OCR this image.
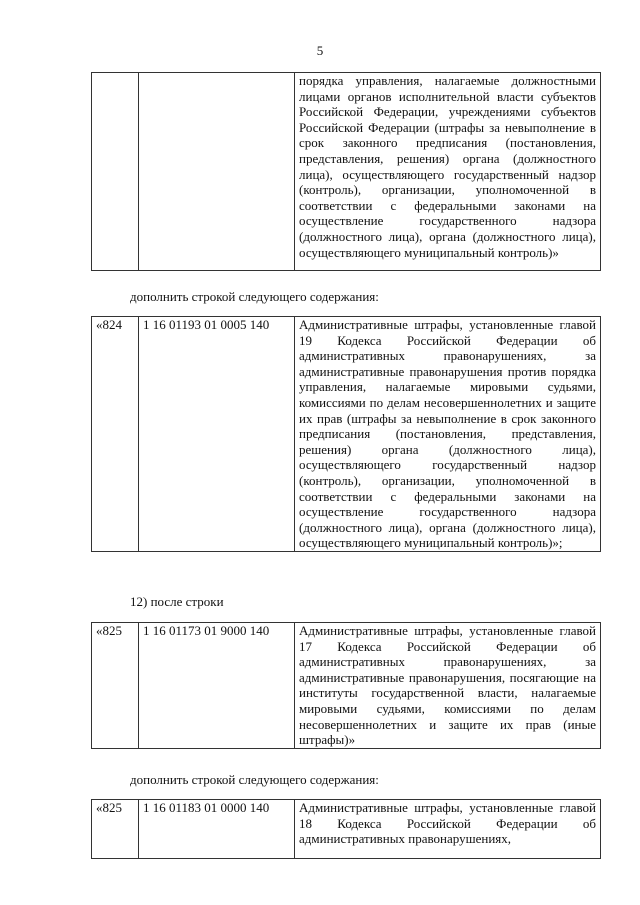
5
		порядка управления, налагаемые должностными лицами органов исполнительной власти субъектов Российской Федерации, учреждениями субъектов Российской Федерации (штрафы за невыполнение в срок законного предписания (постановления, представления, решения) органа (должностного лица), осуществляющего государственный надзор (контроль), организации, уполномоченной в соответствии с федеральными законами на осуществление государственного надзора (должностного лица), органа (должностного лица), осуществляющего муниципальный контроль)»
дополнить строкой следующего содержания:
«824	1 16 01193 01 0005 140	Административные штрафы, установленные главой 19 Кодекса Российской Федерации об административных правонарушениях, за административные правонарушения против порядка управления, налагаемые мировыми судьями, комиссиями по делам несовершеннолетних и защите их прав (штрафы за невыполнение в срок законного предписания (постановления, представления, решения) органа (должностного лица), осуществляющего государственный надзор (контроль), организации, уполномоченной в соответствии с федеральными законами на осуществление государственного надзора (должностного лица), органа (должностного лица), осуществляющего муниципальный контроль)»;
12) после строки
«825	1 16 01173 01 9000 140	Административные штрафы, установленные главой 17 Кодекса Российской Федерации об административных правонарушениях, за административные правонарушения, посягающие на институты государственной власти, налагаемые мировыми судьями, комиссиями по делам несовершеннолетних и защите их прав (иные штрафы)»
дополнить строкой следующего содержания:
«825	1 16 01183 01 0000 140	Административные штрафы, установленные главой 18 Кодекса Российской Федерации об административных правонарушениях,
